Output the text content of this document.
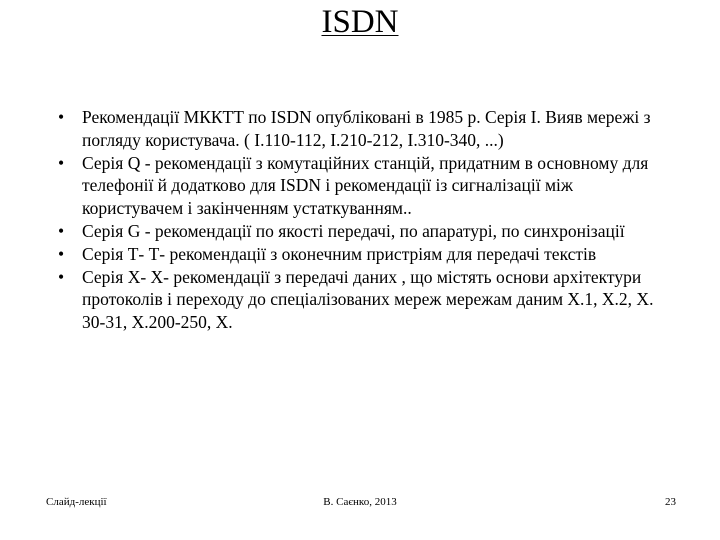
ISDN
•	Рекомендації МККТТ по ISDN опубліковані в 1985 р. Серія I. Вияв мережі з погляду користувача. ( I.110-112, I.210-212, I.310-340, ...)
•	Серія Q - рекомендації з комутаційних станцій, придатним в основному для телефонії й додатково для ISDN і рекомендації із сигналізації між користувачем і закінченням устаткуванням..
•	Серія G - рекомендації по якості передачі, по апаратурі, по синхронізації
•	Серія Т- Т- рекомендації з оконечним пристріям для передачі текстів
•	Серія X- X- рекомендації з передачі даних , що містять основи архітектури протоколів і переходу до спеціалізованих мереж мережам даним X.1, X.2, X. 30-31, X.200-250, X.
Слайд-лекції	В. Саєнко, 2013	23
